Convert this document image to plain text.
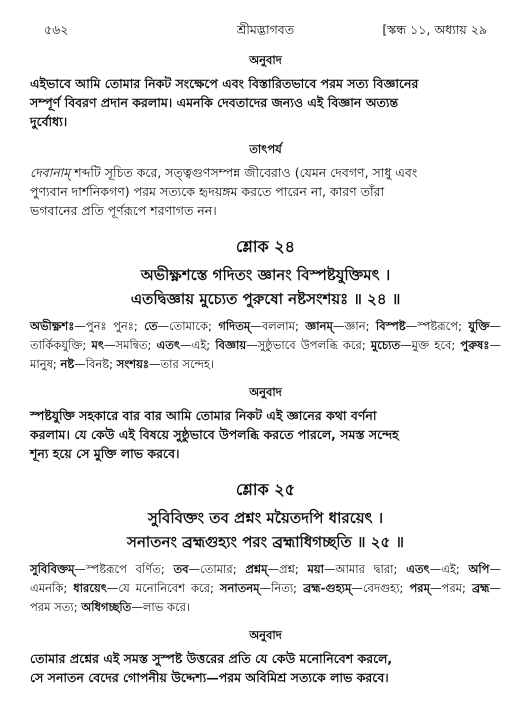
৫৬২	শ্রীমদ্ভাগবত	[স্কন্ধ ১১, অধ্যায় ২৯
অনুবাদ

এইভাবে আমি তোমার নিকট সংক্ষেপে এবং বিস্তারিতভাবে পরম সত্য বিজ্ঞানের

সম্পূর্ণ বিবরণ প্রদান করলাম। এমনকি দেবতাদের জন্যও এই বিজ্ঞান অত্যন্ত

দুর্বোধ্য।

তাৎপর্য

দেবানাম্ শব্দটি সূচিত করে, সত্ত্বগুণসম্পন্ন জীবেরাও (যেমন দেবগণ, সাধু এবং

পুণ্যবান দার্শনিকগণ) পরম সত্যকে হৃদয়ঙ্গম করতে পারেন না, কারণ তাঁরা

ভগবানের প্রতি পূর্ণরূপে শরণাগত নন।

শ্লোক ২৪
অভীক্ষ্ণশস্তে গদিতং জ্ঞানং বিস্পষ্টযুক্তিমৎ ।
এতদ্বিজ্ঞায় মুচ্যেত পুরুষো নষ্টসংশয়ঃ ॥ ২৪ ॥
অভীক্ষ্ণশঃ—পুনঃ পুনঃ; তে—তোমাকে; গদিতম্—বললাম; জ্ঞানম্—জ্ঞান; বিস্পষ্ট—স্পষ্টরূপে; যুক্তি—তার্কিকযুক্তি; মৎ—সমন্বিত; এতৎ—এই; বিজ্ঞায়—সুষ্ঠুভাবে উপলব্ধি করে; মুচ্যেত—মুক্ত হবে; পুরুষঃ—মানুষ; নষ্ট—বিনষ্ট; সংশয়ঃ—তার সন্দেহ।
অনুবাদ

স্পষ্টযুক্তি সহকারে বার বার আমি তোমার নিকট এই জ্ঞানের কথা বর্ণনা

করলাম। যে কেউ এই বিষয়ে সুষ্ঠুভাবে উপলব্ধি করতে পারলে, সমস্ত সন্দেহ

শূন্য হয়ে সে মুক্তি লাভ করবে।

শ্লোক ২৫
সুবিবিক্তং তব প্রশ্নং ময়ৈতদপি ধারয়েৎ ।
সনাতনং ব্রহ্মগুহ্যং পরং ব্রহ্মাধিগচ্ছতি ॥ ২৫ ॥
সুবিবিক্তম্—স্পষ্টরূপে বর্ণিত; তব—তোমার; প্রশ্নম্—প্রশ্ন; ময়া—আমার দ্বারা; এতৎ—এই; অপি—এমনকি; ধারয়েৎ—যে মনোনিবেশ করে; সনাতনম্—নিত্য; ব্রহ্ম-গুহ্যম্—বেদগুহ্য; পরম্—পরম; ব্রহ্ম—পরম সত্য; অধিগচ্ছতি—লাভ করে।
অনুবাদ

তোমার প্রশ্নের এই সমস্ত সুস্পষ্ট উত্তরের প্রতি যে কেউ মনোনিবেশ করলে,

সে সনাতন বেদের গোপনীয় উদ্দেশ্য—পরম অবিমিশ্র সত্যকে লাভ করবে।
